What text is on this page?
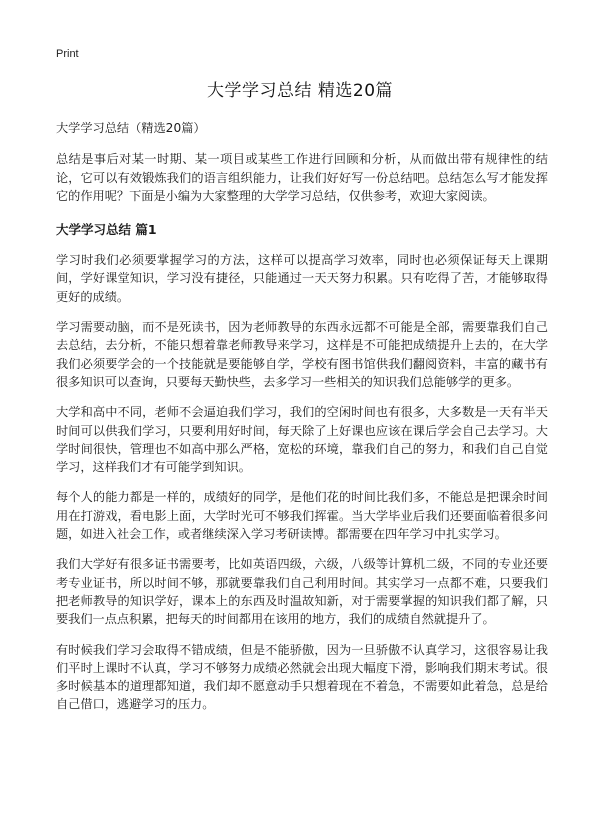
Print
大学学习总结 精选20篇

大学学习总结（精选20篇）

总结是事后对某一时期、某一项目或某些工作进行回顾和分析，从而做出带有规律性的结论，它可以有效锻炼我们的语言组织能力，让我们好好写一份总结吧。总结怎么写才能发挥它的作用呢？下面是小编为大家整理的大学学习总结，仅供参考，欢迎大家阅读。

大学学习总结 篇1

学习时我们必须要掌握学习的方法，这样可以提高学习效率，同时也必须保证每天上课期间，学好课堂知识，学习没有捷径，只能通过一天天努力积累。只有吃得了苦，才能够取得更好的成绩。

学习需要动脑，而不是死读书，因为老师教导的东西永远都不可能是全部，需要靠我们自己去总结，去分析，不能只想着靠老师教导来学习，这样是不可能把成绩提升上去的，在大学我们必须要学会的一个技能就是要能够自学，学校有图书馆供我们翻阅资料，丰富的藏书有很多知识可以查询，只要每天勤快些，去多学习一些相关的知识我们总能够学的更多。

大学和高中不同，老师不会逼迫我们学习，我们的空闲时间也有很多，大多数是一天有半天时间可以供我们学习，只要利用好时间，每天除了上好课也应该在课后学会自己去学习。大学时间很快，管理也不如高中那么严格，宽松的环境，靠我们自己的努力，和我们自己自觉学习，这样我们才有可能学到知识。

每个人的能力都是一样的，成绩好的同学，是他们花的时间比我们多，不能总是把课余时间用在打游戏，看电影上面，大学时光可不够我们挥霍。当大学毕业后我们还要面临着很多问题，如进入社会工作，或者继续深入学习考研读博。都需要在四年学习中扎实学习。

我们大学好有很多证书需要考，比如英语四级，六级，八级等计算机二级，不同的专业还要考专业证书，所以时间不够，那就要靠我们自己利用时间。其实学习一点都不难，只要我们把老师教导的知识学好，课本上的东西及时温故知新，对于需要掌握的知识我们都了解，只要我们一点点积累，把每天的时间都用在该用的地方，我们的成绩自然就提升了。

有时候我们学习会取得不错成绩，但是不能骄傲，因为一旦骄傲不认真学习，这很容易让我们平时上课时不认真，学习不够努力成绩必然就会出现大幅度下滑，影响我们期末考试。很多时候基本的道理都知道，我们却不愿意动手只想着现在不着急，不需要如此着急，总是给自己借口，逃避学习的压力。
